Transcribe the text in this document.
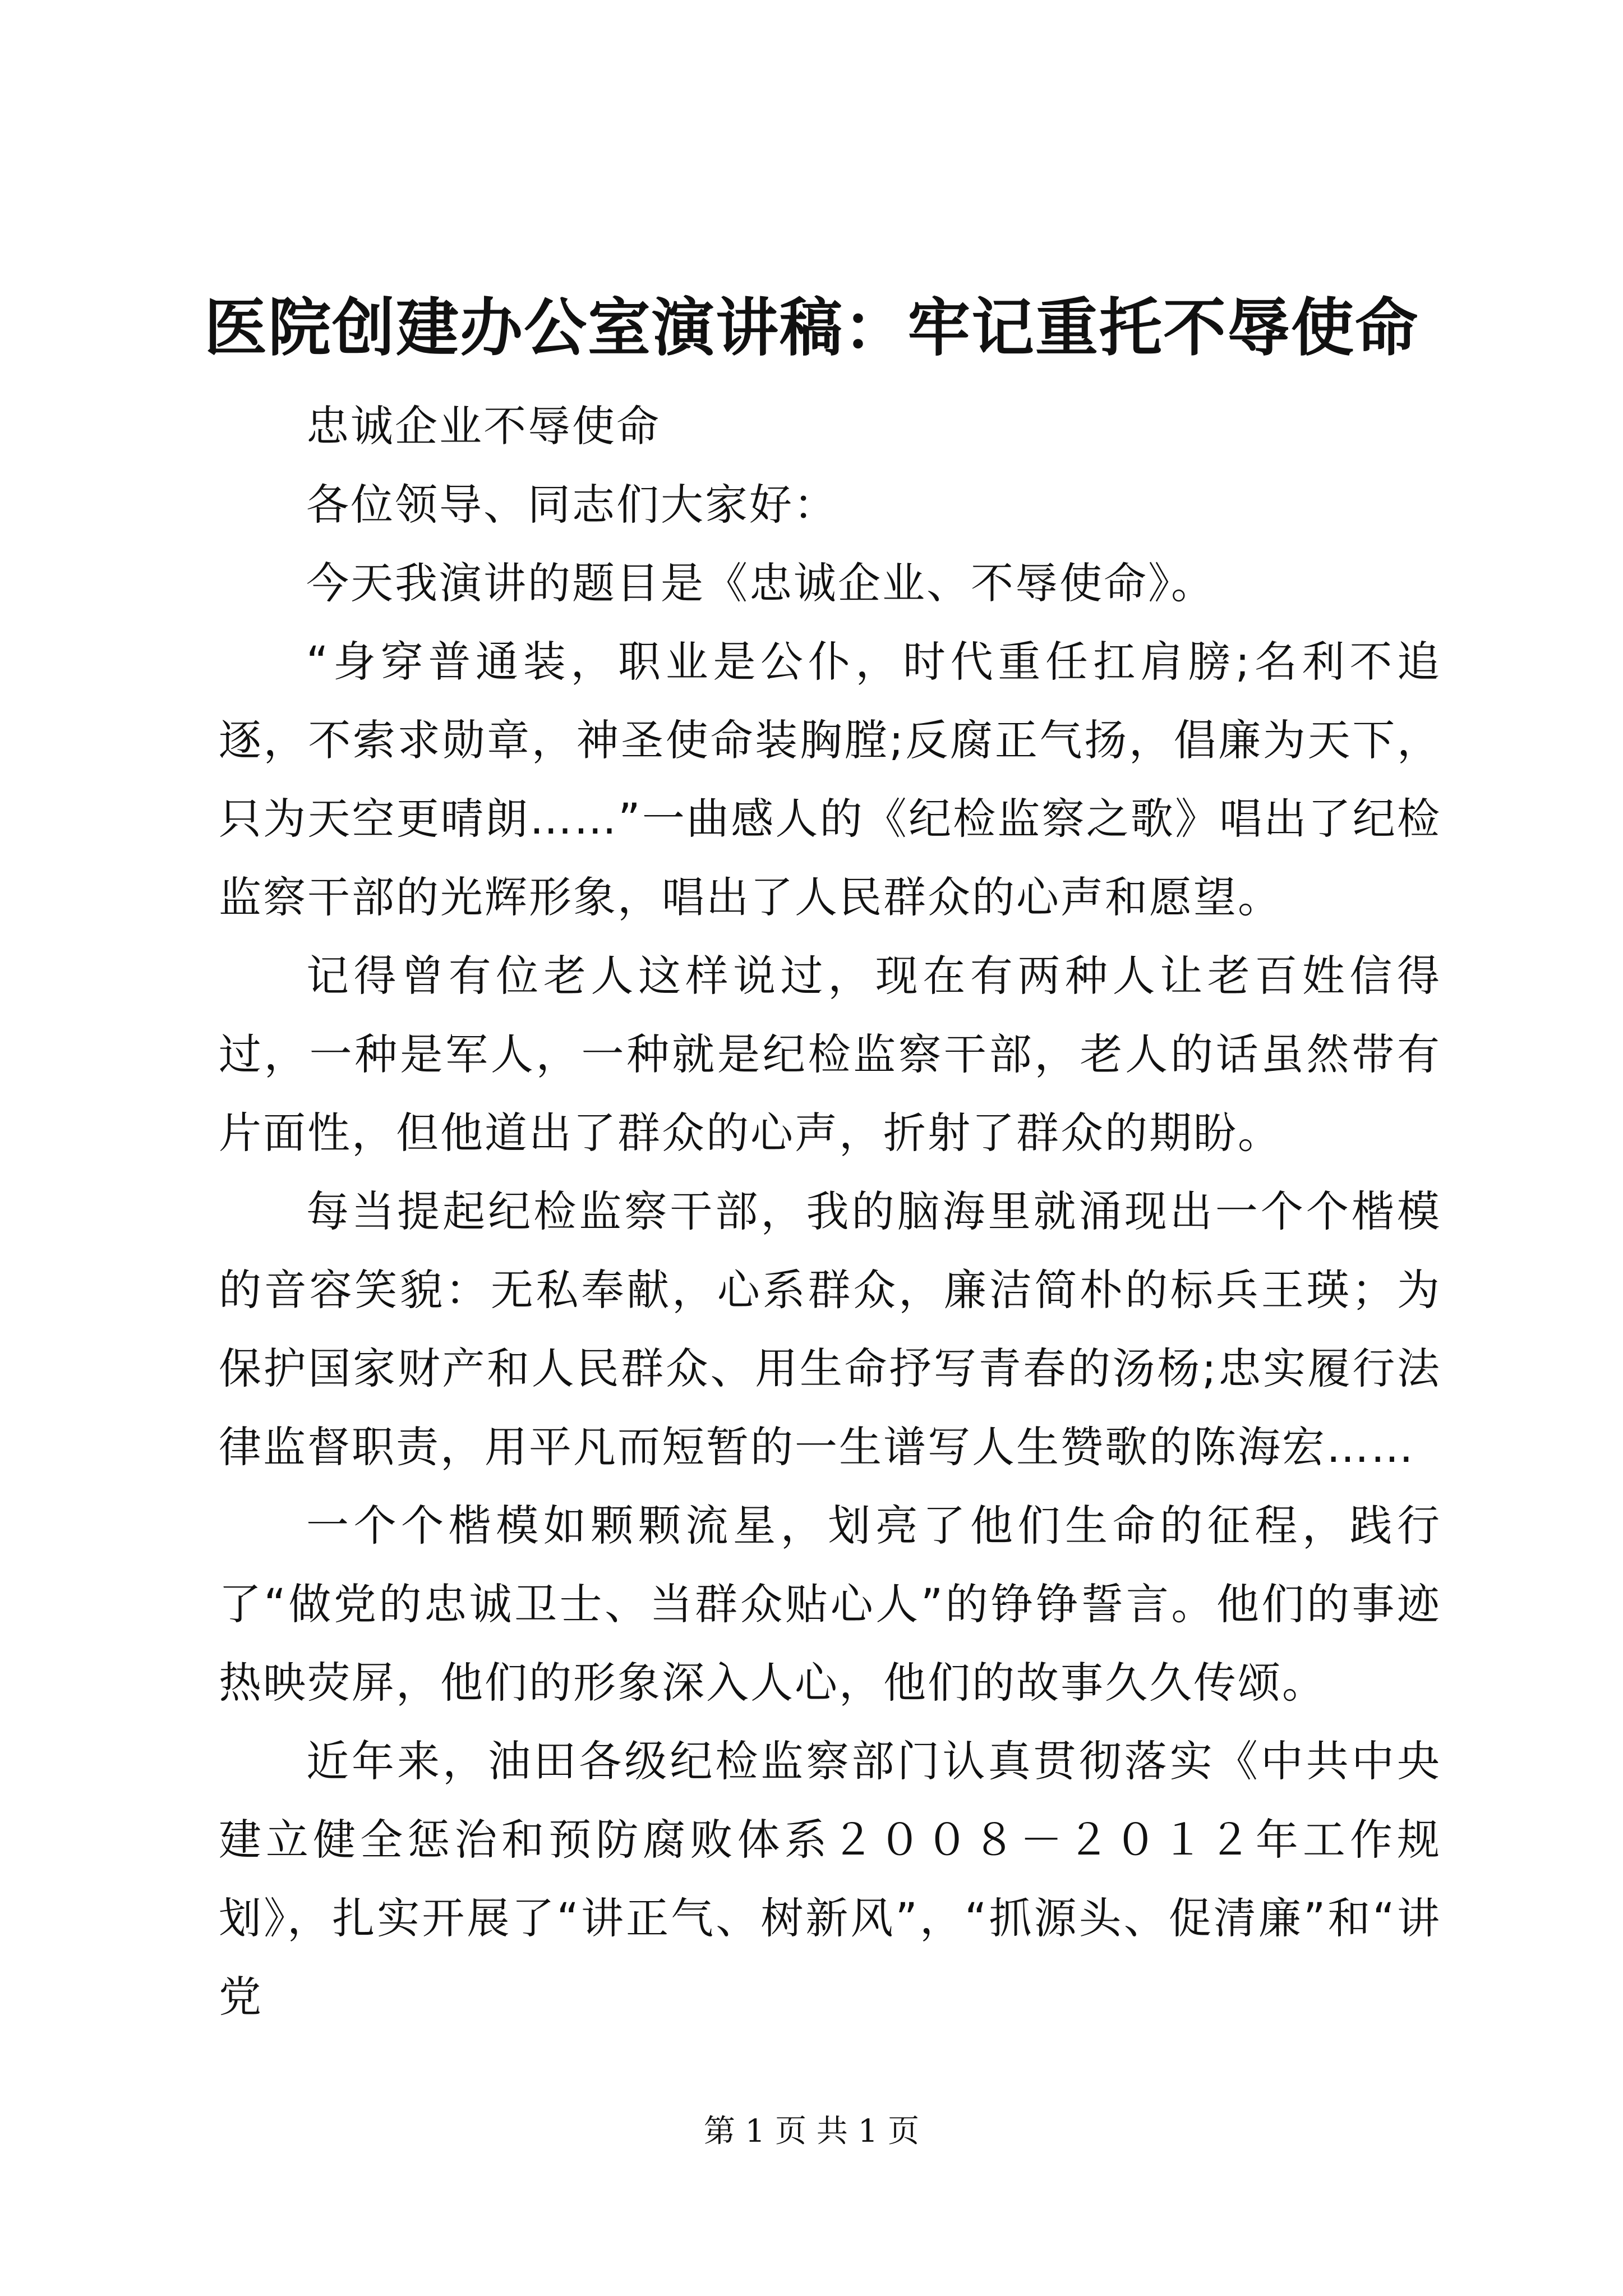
医院创建办公室演讲稿：牢记重托不辱使命

忠诚企业不辱使命

各位领导、同志们大家好：

今天我演讲的题目是《忠诚企业、不辱使命》。

“身穿普通装，职业是公仆，时代重任扛肩膀;名利不追逐，不索求勋章，神圣使命装胸膛;反腐正气扬，倡廉为天下，只为天空更晴朗……”一曲感人的《纪检监察之歌》唱出了纪检监察干部的光辉形象，唱出了人民群众的心声和愿望。

记得曾有位老人这样说过，现在有两种人让老百姓信得过，一种是军人，一种就是纪检监察干部，老人的话虽然带有片面性，但他道出了群众的心声，折射了群众的期盼。

每当提起纪检监察干部，我的脑海里就涌现出一个个楷模的音容笑貌：无私奉献，心系群众，廉洁简朴的标兵王瑛；为保护国家财产和人民群众、用生命抒写青春的汤杨;忠实履行法律监督职责，用平凡而短暂的一生谱写人生赞歌的陈海宏……

一个个楷模如颗颗流星，划亮了他们生命的征程，践行了“做党的忠诚卫士、当群众贴心人”的铮铮誓言。他们的事迹热映荧屏，他们的形象深入人心，他们的故事久久传颂。

近年来，油田各级纪检监察部门认真贯彻落实《中共中央建立健全惩治和预防腐败体系２００８－２０１２年工作规划》，扎实开展了“讲正气、树新风”，“抓源头、促清廉”和“讲党

第 1 页 共 1 页
